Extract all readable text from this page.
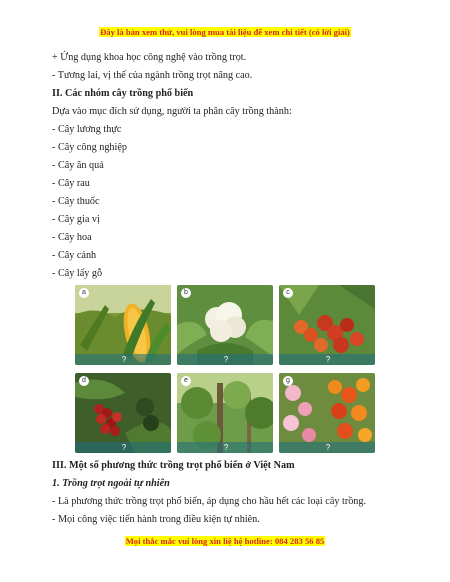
Đây là bản xem thử, vui lòng mua tài liệu để xem chi tiết (có lời giải)
+ Ứng dụng khoa học công nghệ vào trồng trọt.
- Tương lai, vị thế của ngành trồng trọt nâng cao.
II. Các nhóm cây trồng phổ biến
Dựa vào mục đích sử dụng, người ta phân cây trồng thành:
- Cây lương thực
- Cây công nghiệp
- Cây ăn quả
- Cây rau
- Cây thuốc
- Cây gia vị
- Cây hoa
- Cây cảnh
- Cây lấy gỗ
a
?
b
?
c
?
d
?
e
?
g
?
III. Một số phương thức trồng trọt phổ biến ở Việt Nam
1. Trồng trọt ngoài tự nhiên
- Là phương thức trồng trọt phổ biến, áp dụng cho hầu hết các loại cây trồng.
- Mọi công việc tiến hành trong điều kiện tự nhiên.
Mọi thắc mắc vui lòng xin liệ hệ hotline: 084 283 56 85
